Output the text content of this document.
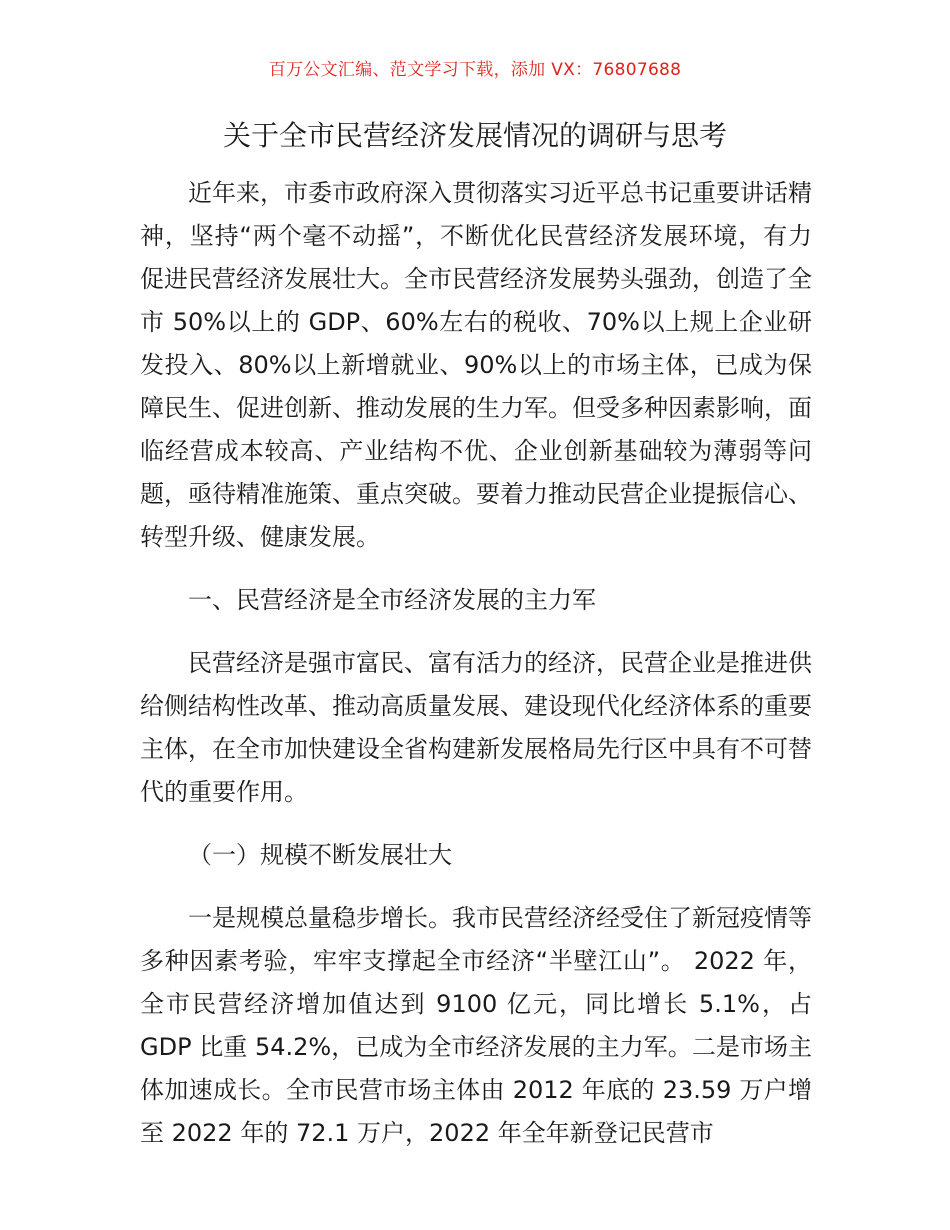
百万公文汇编、范文学习下载，添加 VX：76807688
关于全市民营经济发展情况的调研与思考

近年来，市委市政府深入贯彻落实习近平总书记重要讲话精神，坚持“两个毫不动摇”，不断优化民营经济发展环境，有力促进民营经济发展壮大。全市民营经济发展势头强劲，创造了全市 50%以上的 GDP、60%左右的税收、70%以上规上企业研发投入、80%以上新增就业、90%以上的市场主体，已成为保障民生、促进创新、推动发展的生力军。但受多种因素影响，面临经营成本较高、产业结构不优、企业创新基础较为薄弱等问题，亟待精准施策、重点突破。要着力推动民营企业提振信心、转型升级、健康发展。

一、民营经济是全市经济发展的主力军

民营经济是强市富民、富有活力的经济，民营企业是推进供给侧结构性改革、推动高质量发展、建设现代化经济体系的重要主体，在全市加快建设全省构建新发展格局先行区中具有不可替代的重要作用。

（一）规模不断发展壮大

一是规模总量稳步增长。我市民营经济经受住了新冠疫情等多种因素考验，牢牢支撑起全市经济“半壁江山”。 2022 年，全市民营经济增加值达到 9100 亿元，同比增长 5.1%，占 GDP 比重 54.2%，已成为全市经济发展的主力军。二是市场主体加速成长。全市民营市场主体由 2012 年底的 23.59 万户增至 2022 年的 72.1 万户，2022 年全年新登记民营市
